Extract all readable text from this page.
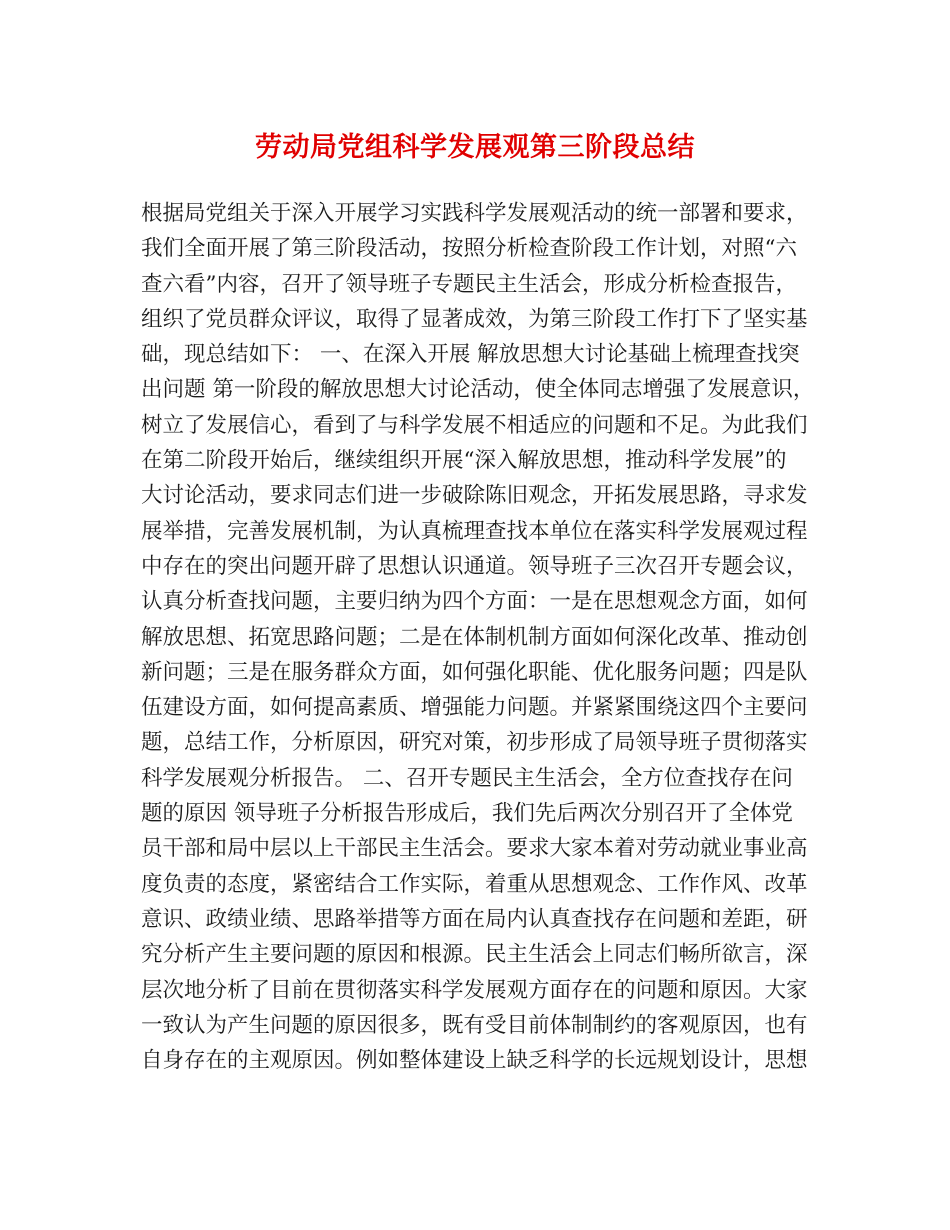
劳动局党组科学发展观第三阶段总结
根据局党组关于深入开展学习实践科学发展观活动的统一部署和要求，
我们全面开展了第三阶段活动，按照分析检查阶段工作计划，对照“六
查六看”内容，召开了领导班子专题民主生活会，形成分析检查报告，
组织了党员群众评议，取得了显著成效，为第三阶段工作打下了坚实基
础，现总结如下： 一、在深入开展 解放思想大讨论基础上梳理查找突
出问题 第一阶段的解放思想大讨论活动，使全体同志增强了发展意识，
树立了发展信心，看到了与科学发展不相适应的问题和不足。为此我们
在第二阶段开始后，继续组织开展“深入解放思想，推动科学发展”的
大讨论活动，要求同志们进一步破除陈旧观念，开拓发展思路，寻求发
展举措，完善发展机制，为认真梳理查找本单位在落实科学发展观过程
中存在的突出问题开辟了思想认识通道。领导班子三次召开专题会议，
认真分析查找问题，主要归纳为四个方面：一是在思想观念方面，如何
解放思想、拓宽思路问题；二是在体制机制方面如何深化改革、推动创
新问题；三是在服务群众方面，如何强化职能、优化服务问题；四是队
伍建设方面，如何提高素质、增强能力问题。并紧紧围绕这四个主要问
题，总结工作，分析原因，研究对策，初步形成了局领导班子贯彻落实
科学发展观分析报告。 二、召开专题民主生活会，全方位查找存在问
题的原因 领导班子分析报告形成后，我们先后两次分别召开了全体党
员干部和局中层以上干部民主生活会。要求大家本着对劳动就业事业高
度负责的态度，紧密结合工作实际，着重从思想观念、工作作风、改革
意识、政绩业绩、思路举措等方面在局内认真查找存在问题和差距，研
究分析产生主要问题的原因和根源。民主生活会上同志们畅所欲言，深
层次地分析了目前在贯彻落实科学发展观方面存在的问题和原因。大家
一致认为产生问题的原因很多，既有受目前体制制约的客观原因，也有
自身存在的主观原因。例如整体建设上缺乏科学的长远规划设计，思想
